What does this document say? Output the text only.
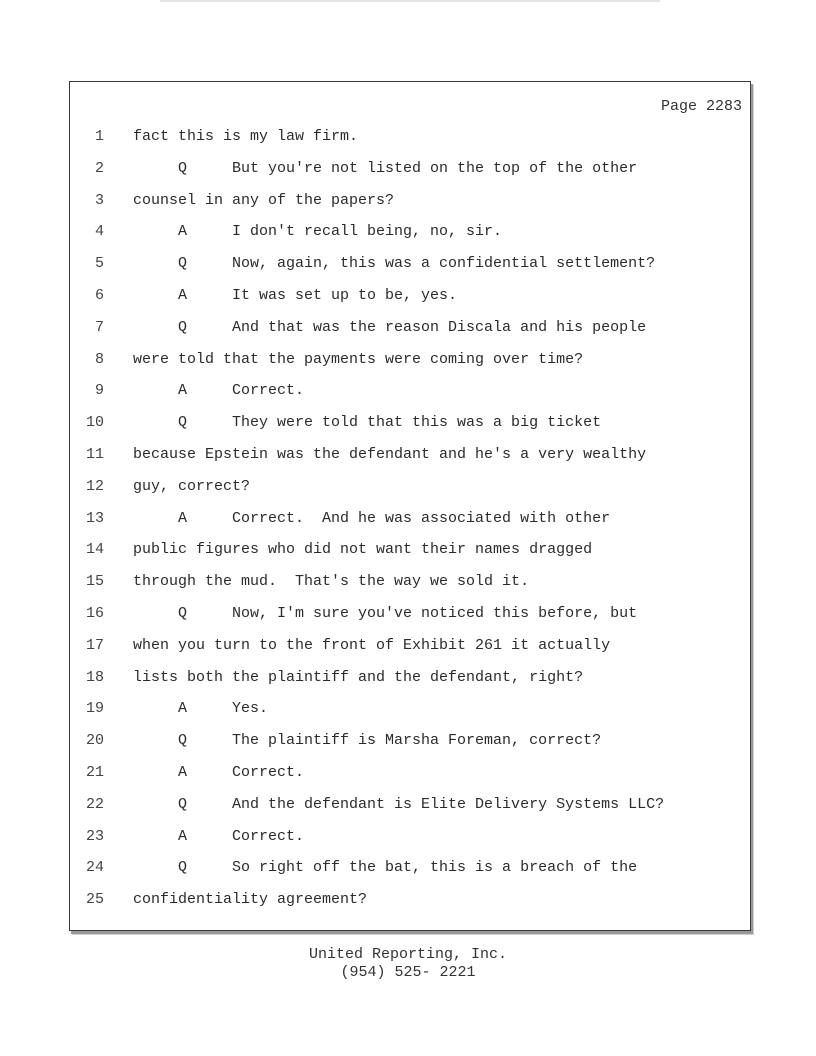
Page 2283
1 fact this is my law firm.
2 Q     But you're not listed on the top of the other
3 counsel in any of the papers?
4 A     I don't recall being, no, sir.
5 Q     Now, again, this was a confidential settlement?
6 A     It was set up to be, yes.
7 Q     And that was the reason Discala and his people
8 were told that the payments were coming over time?
9 A     Correct.
10 Q     They were told that this was a big ticket
11 because Epstein was the defendant and he's a very wealthy
12 guy, correct?
13 A     Correct.  And he was associated with other
14 public figures who did not want their names dragged
15 through the mud.  That's the way we sold it.
16 Q     Now, I'm sure you've noticed this before, but
17 when you turn to the front of Exhibit 261 it actually
18 lists both the plaintiff and the defendant, right?
19 A     Yes.
20 Q     The plaintiff is Marsha Foreman, correct?
21 A     Correct.
22 Q     And the defendant is Elite Delivery Systems LLC?
23 A     Correct.
24 Q     So right off the bat, this is a breach of the
25 confidentiality agreement?
United Reporting, Inc.
(954) 525- 2221
